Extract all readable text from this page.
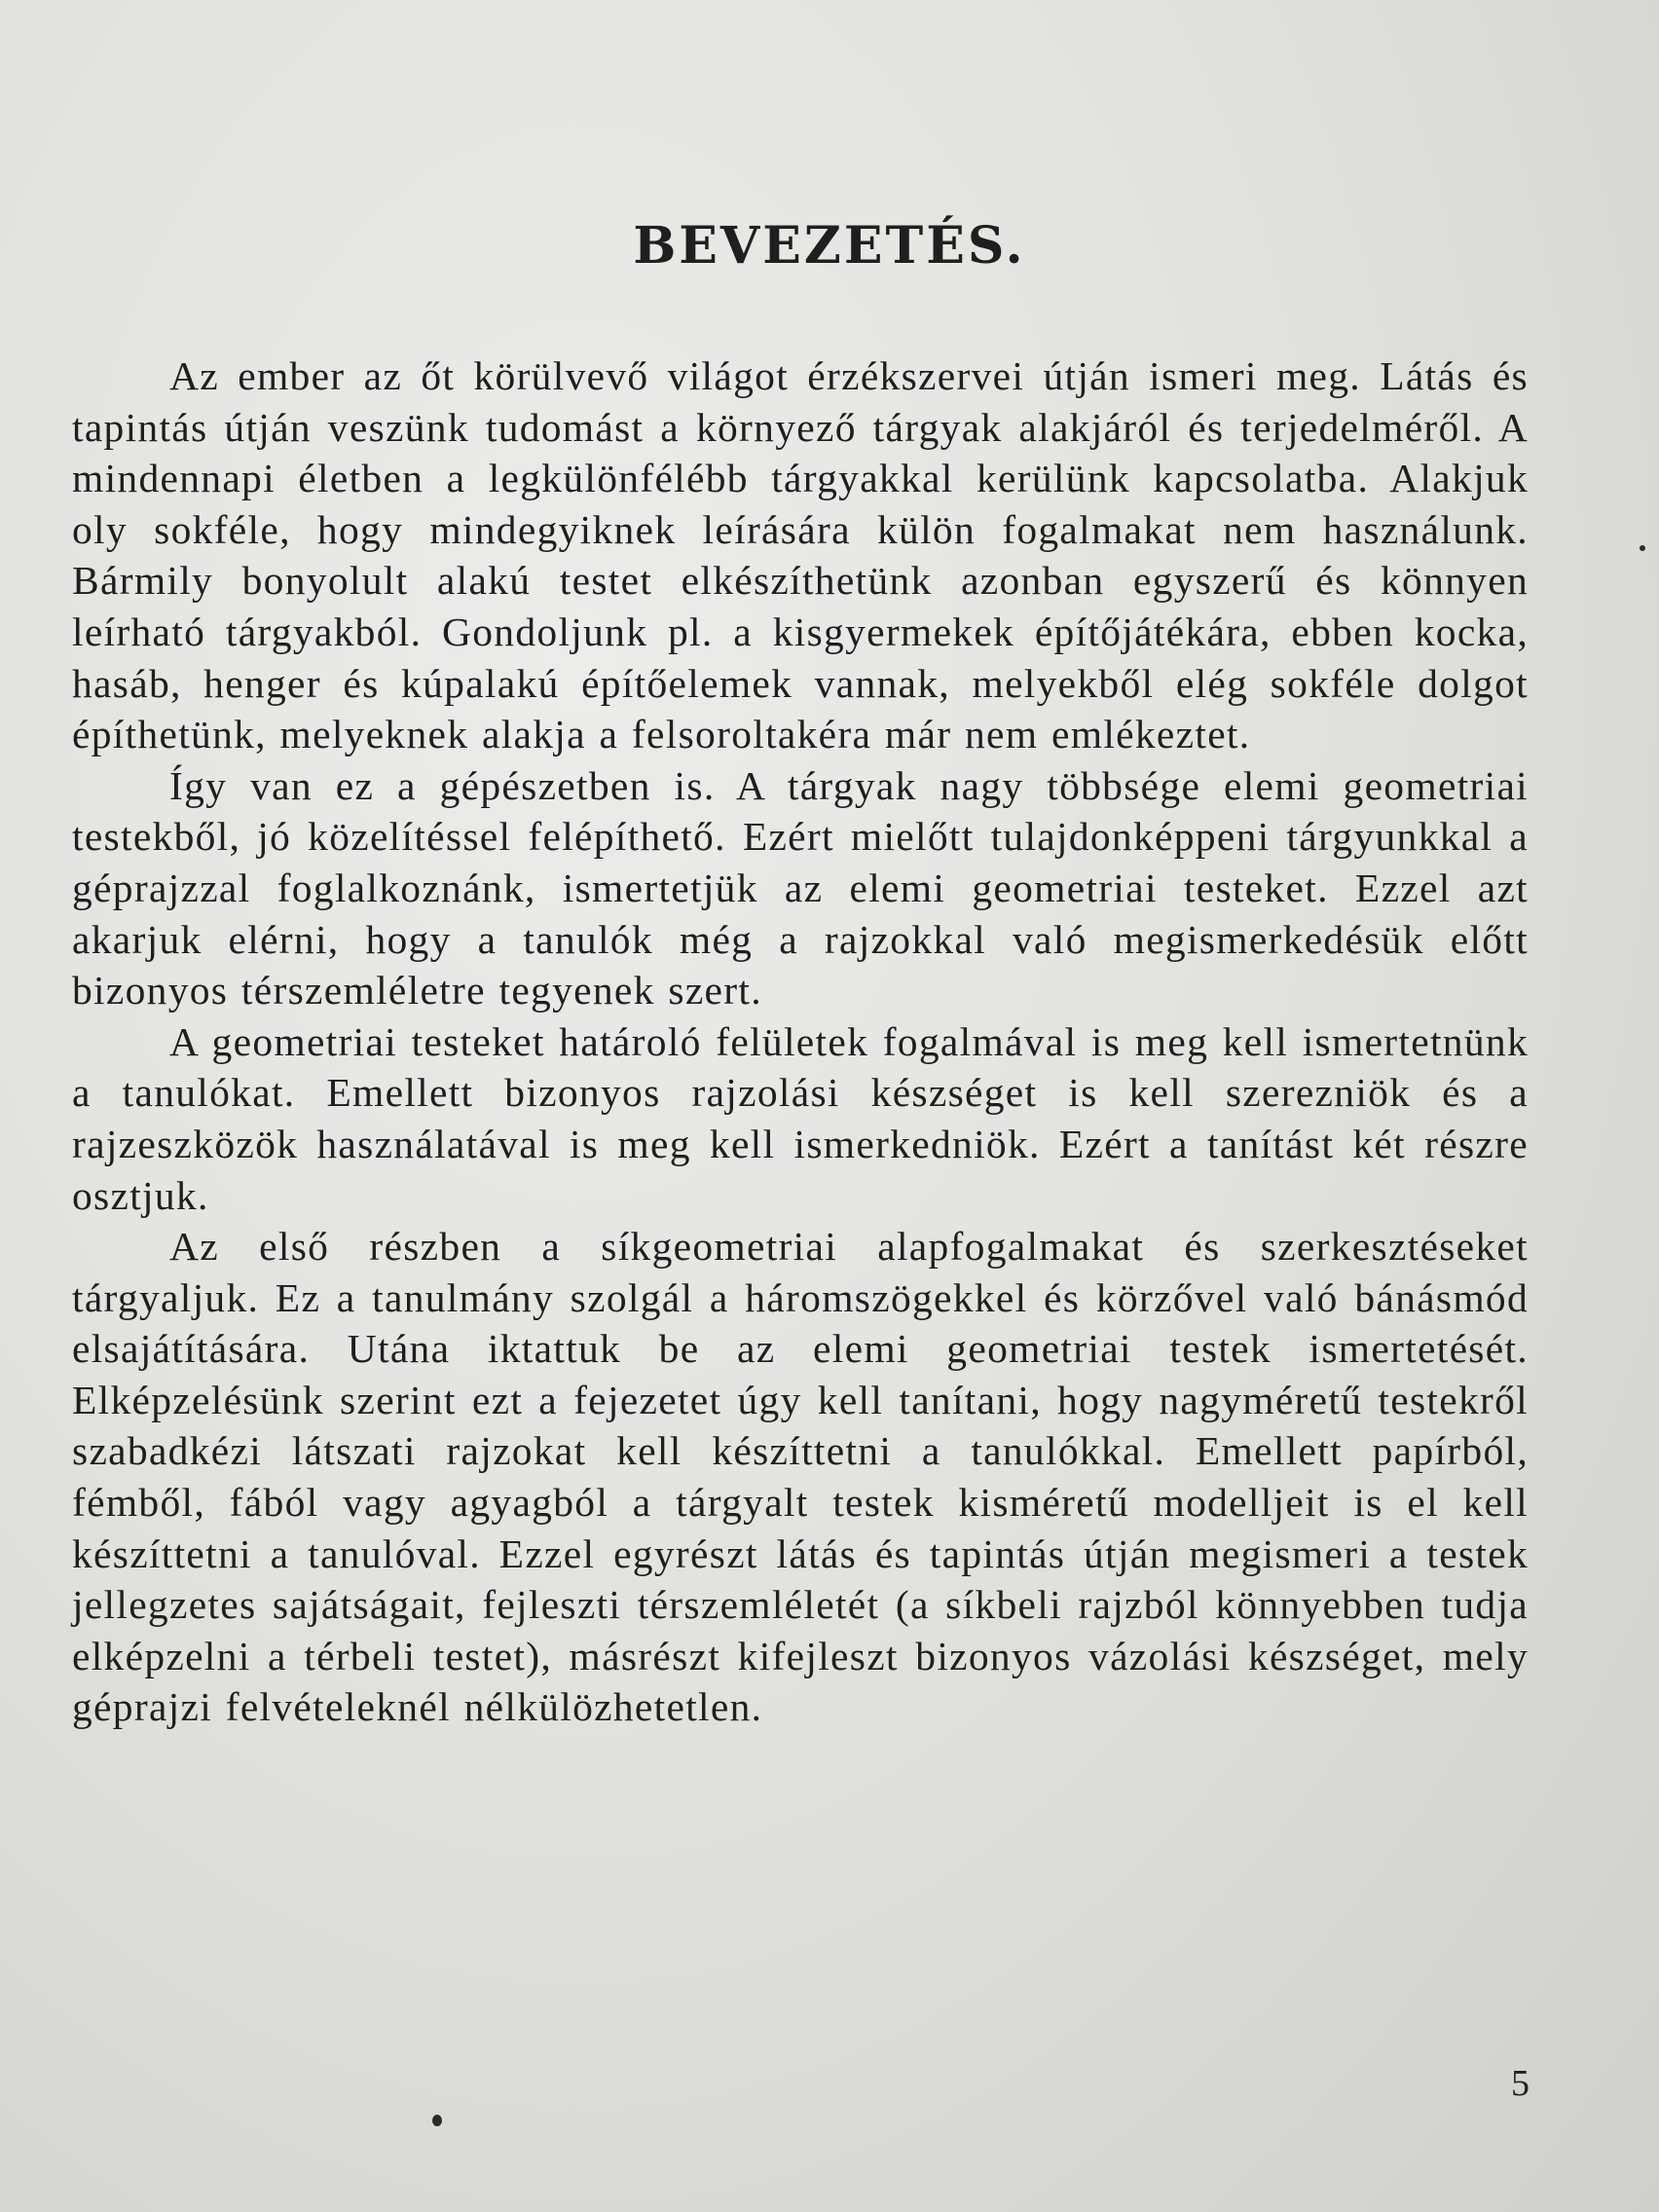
BEVEZETÉS.

Az ember az őt körülvevő világot érzékszervei útján ismeri meg. Látás és tapintás útján veszünk tudomást a környező tárgyak alakjáról és terjedelméről. A mindennapi életben a legkülönfélébb tárgyakkal kerülünk kapcsolatba. Alakjuk oly sokféle, hogy mindegyiknek leírására külön fogalmakat nem használunk. Bármily bonyolult alakú testet elkészíthetünk azonban egyszerű és könnyen leírható tárgyakból. Gondoljunk pl. a kisgyermekek építőjátékára, ebben kocka, hasáb, henger és kúpalakú építőelemek vannak, melyekből elég sokféle dolgot építhetünk, melyeknek alakja a felsoroltakéra már nem emlékeztet.

Így van ez a gépészetben is. A tárgyak nagy többsége elemi geometriai testekből, jó közelítéssel felépíthető. Ezért mielőtt tulajdonképpeni tárgyunkkal a géprajzzal foglalkoznánk, ismertetjük az elemi geometriai testeket. Ezzel azt akarjuk elérni, hogy a tanulók még a rajzokkal való megismerkedésük előtt bizonyos térszemléletre tegyenek szert.

A geometriai testeket határoló felületek fogalmával is meg kell ismertetnünk a tanulókat. Emellett bizonyos rajzolási készséget is kell szerezniök és a rajzeszközök használatával is meg kell ismerkedniök. Ezért a tanítást két részre osztjuk.

Az első részben a síkgeometriai alapfogalmakat és szerkesztéseket tárgyaljuk. Ez a tanulmány szolgál a háromszögekkel és körzővel való bánásmód elsajátítására. Utána iktattuk be az elemi geometriai testek ismertetését. Elképzelésünk szerint ezt a fejezetet úgy kell tanítani, hogy nagyméretű testekről szabadkézi látszati rajzokat kell készíttetni a tanulókkal. Emellett papírból, fémből, fából vagy agyagból a tárgyalt testek kisméretű modelljeit is el kell készíttetni a tanulóval. Ezzel egyrészt látás és tapintás útján megismeri a testek jellegzetes sajátságait, fejleszti térszemléletét (a síkbeli rajzból könnyebben tudja elképzelni a térbeli testet), másrészt kifejleszt bizonyos vázolási készséget, mely géprajzi felvételeknél nélkülözhetetlen.

5
